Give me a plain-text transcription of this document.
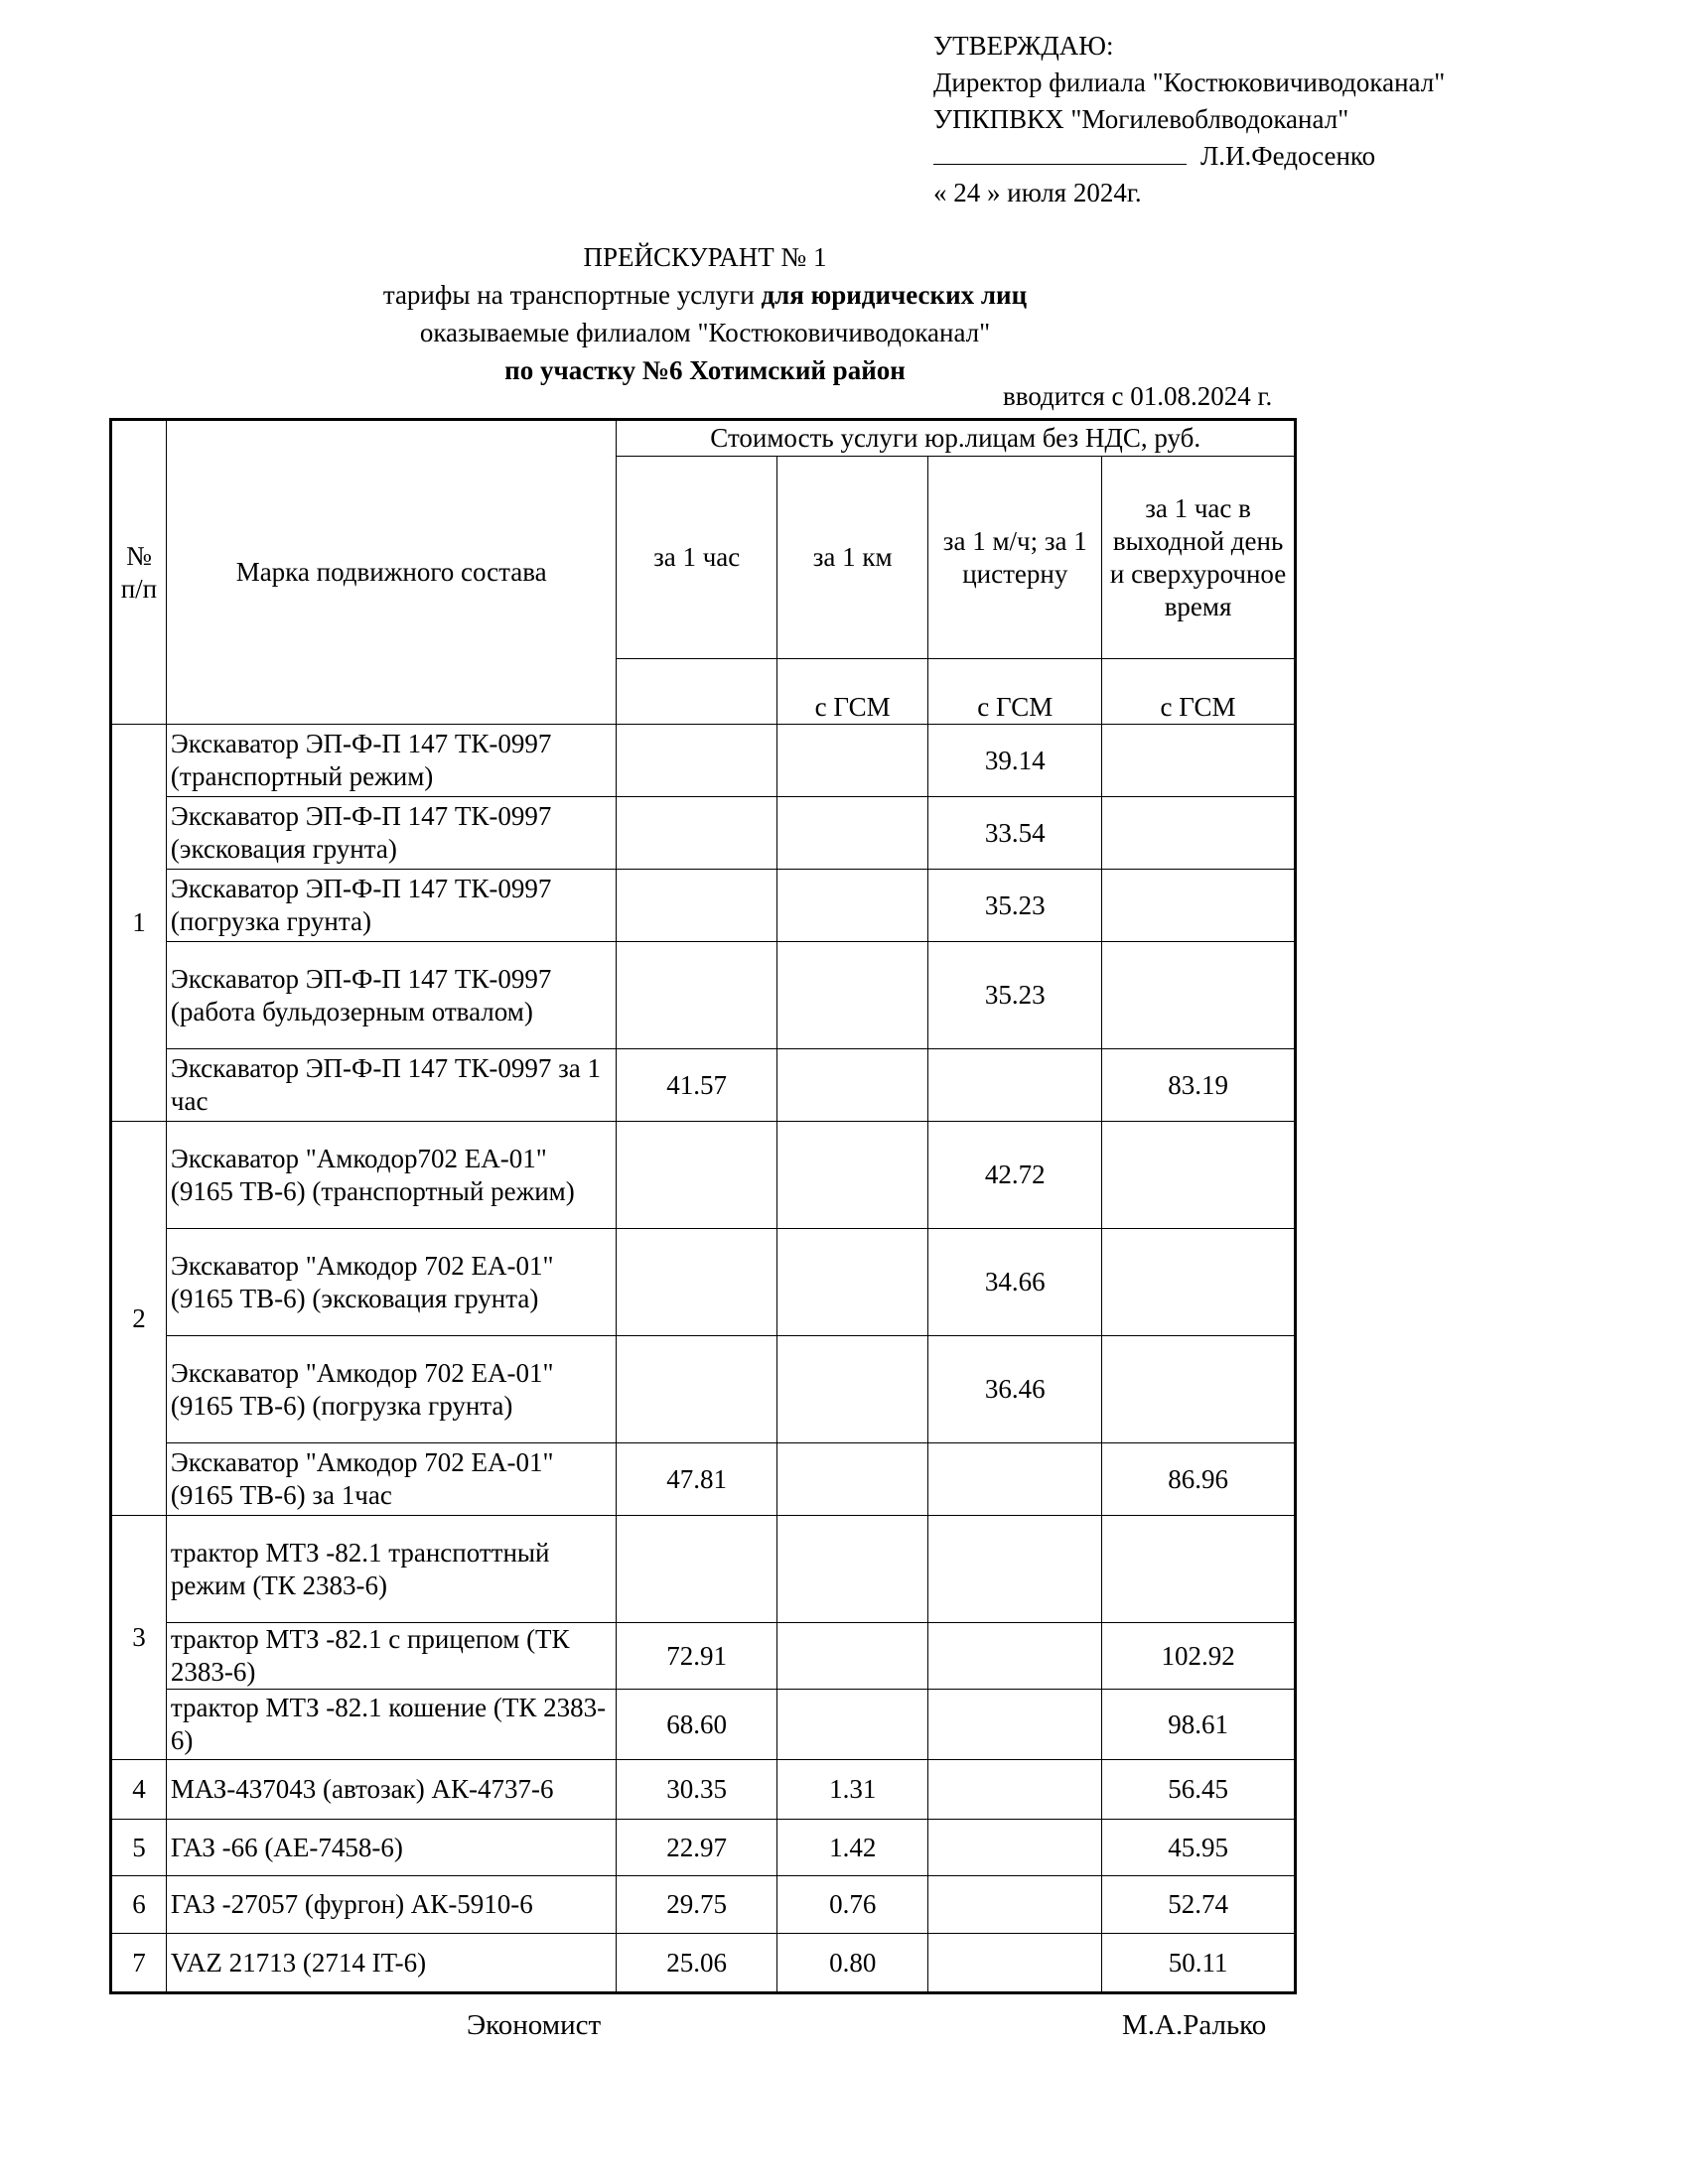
УТВЕРЖДАЮ:
Директор филиала "Костюковичиводоканал"
УПКПВКХ "Могилевоблводоканал"
Л.И.Федосенко
« 24 » июля 2024г.
ПРЕЙСКУРАНТ № 1
тарифы на транспортные услуги для юридических лиц
оказываемые филиалом "Костюковичиводоканал"
по участку №6 Хотимский район
вводится с 01.08.2024 г.
№ п/п	Марка подвижного состава	Стоимость услуги юр.лицам без НДС, руб.			
		за 1 час	за 1 км	за 1 м/ч; за 1 цистерну	за 1 час в выходной день и сверхурочное время
			с ГСМ	с ГСМ	с ГСМ
1	Экскаватор ЭП-Ф-П 147 ТК-0997 (транспортный режим)			39.14	
	Экскаватор ЭП-Ф-П 147 ТК-0997 (эксковация грунта)			33.54	
	Экскаватор ЭП-Ф-П 147 ТК-0997 (погрузка грунта)			35.23	
	Экскаватор ЭП-Ф-П 147 ТК-0997 (работа бульдозерным отвалом)			35.23	
	Экскаватор ЭП-Ф-П 147 ТК-0997 за 1 час	41.57			83.19
2	Экскаватор "Амкодор702 ЕА-01" (9165 ТВ-6) (транспортный режим)			42.72	
	Экскаватор "Амкодор 702 ЕА-01" (9165 ТВ-6) (эксковация грунта)			34.66	
	Экскаватор "Амкодор 702 ЕА-01" (9165 ТВ-6) (погрузка грунта)			36.46	
	Экскаватор "Амкодор 702 ЕА-01" (9165 ТВ-6) за 1час	47.81			86.96
3	трактор МТЗ -82.1 транспоттный режим (ТК 2383-6)				
	трактор МТЗ -82.1 с прицепом (ТК 2383-6)	72.91			102.92
	трактор МТЗ -82.1 кошение (ТК 2383-6)	68.60			98.61
4	МАЗ-437043 (автозак) АК-4737-6	30.35	1.31		56.45
5	ГАЗ -66 (АЕ-7458-6)	22.97	1.42		45.95
6	ГАЗ -27057 (фургон) АК-5910-6	29.75	0.76		52.74
7	VAZ 21713 (2714 IT-6)	25.06	0.80		50.11
Экономист	М.А.Ралько
